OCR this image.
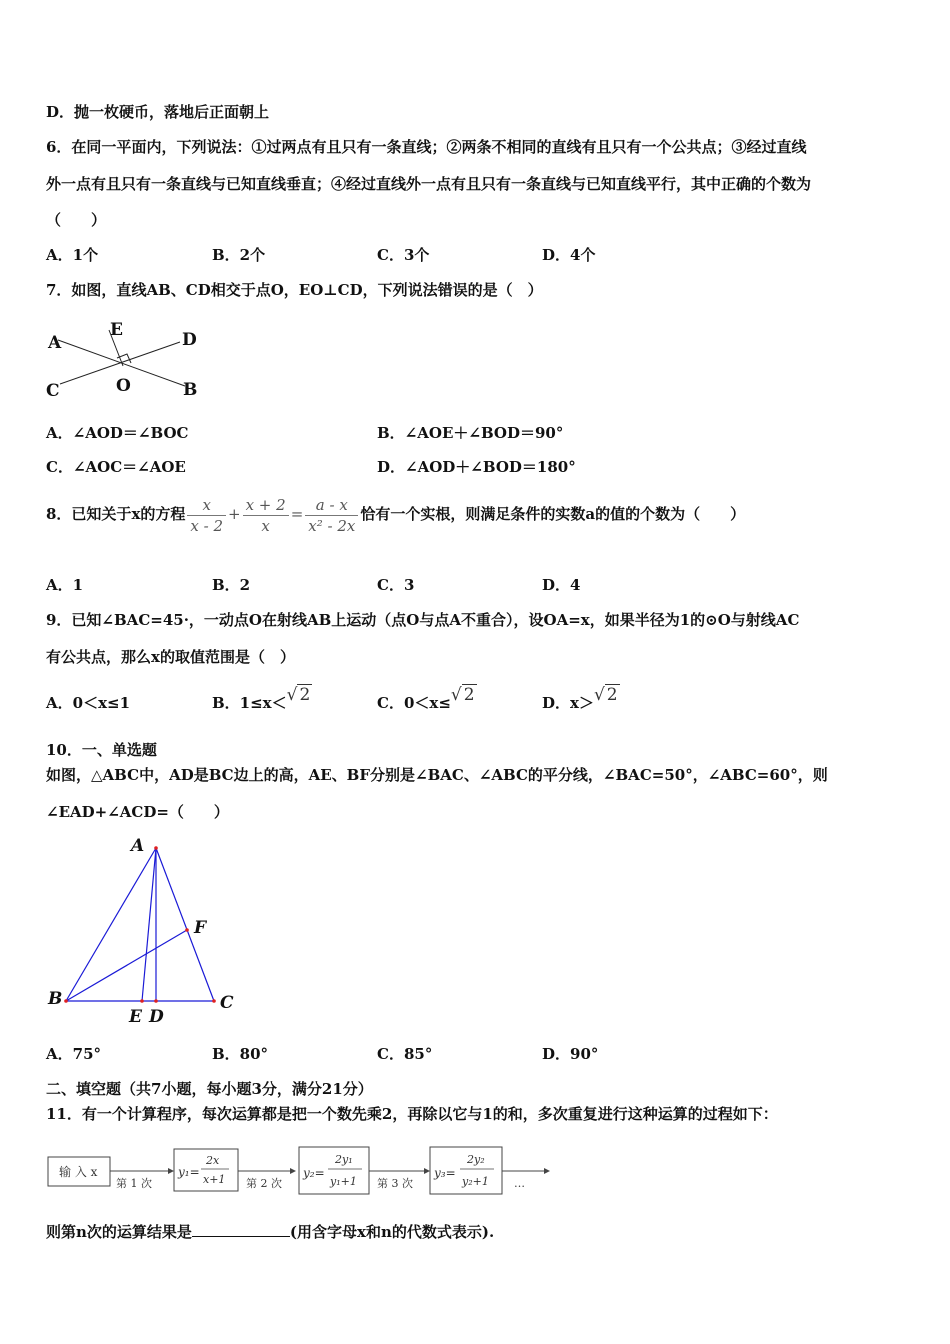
D．抛一枚硬币，落地后正面朝上
6．在同一平面内，下列说法：①过两点有且只有一条直线；②两条不相同的直线有且只有一个公共点；③经过直线
外一点有且只有一条直线与已知直线垂直；④经过直线外一点有且只有一条直线与已知直线平行，其中正确的个数为
（　　）
A．1个	B．2个	C．3个	D．4个
7．如图，直线AB、CD相交于点O，EO⊥CD，下列说法错误的是（　）
A
E	D
C	O	B
A．∠AOD＝∠BOC	B．∠AOE＋∠BOD＝90°
C．∠AOC＝∠AOE	D．∠AOD＋∠BOD＝180°
8．已知关于x的方程 $\frac{x}{x - 2} + \frac{x + 2}{x} = \frac{a - x}{\text{x² - 2x}}$ 恰有一个实根，则满足条件的实数a的值的个数为（　　）
A．1	B．2	C．3	D．4
9．已知∠BAC=45·，一动点O在射线AB上运动（点O与点A不重合），设OA=x，如果半径为1的⊙O与射线AC
有公共点，那么x的取值范围是（　）
A．0＜x≤1	B．1≤x＜√ 2	C．0＜x≤√ 2	D．x＞√ 2
10．一、单选题
如图，△ABC中，AD是BC边上的高，AE、BF分别是∠BAC、∠ABC的平分线，∠BAC=50°，∠ABC=60°，则
∠EAD+∠ACD=（　　）
A
F
B	C
E D
A．75°	B．80°	C．85°	D．90°
二、填空题（共7小题，每小题3分，满分21分）
11．有一个计算程序，每次运算都是把一个数先乘2，再除以它与1的和，多次重复进行这种运算的过程如下：
输 入 x
第 1 次
y₁=
2x
x+1 第 2 次
y₂=
2y₁
y₁+1 第 3 次
y₃=
2y₂
y₂+1 …
则第n次的运算结果是	(用含字母x和n的代数式表示).
